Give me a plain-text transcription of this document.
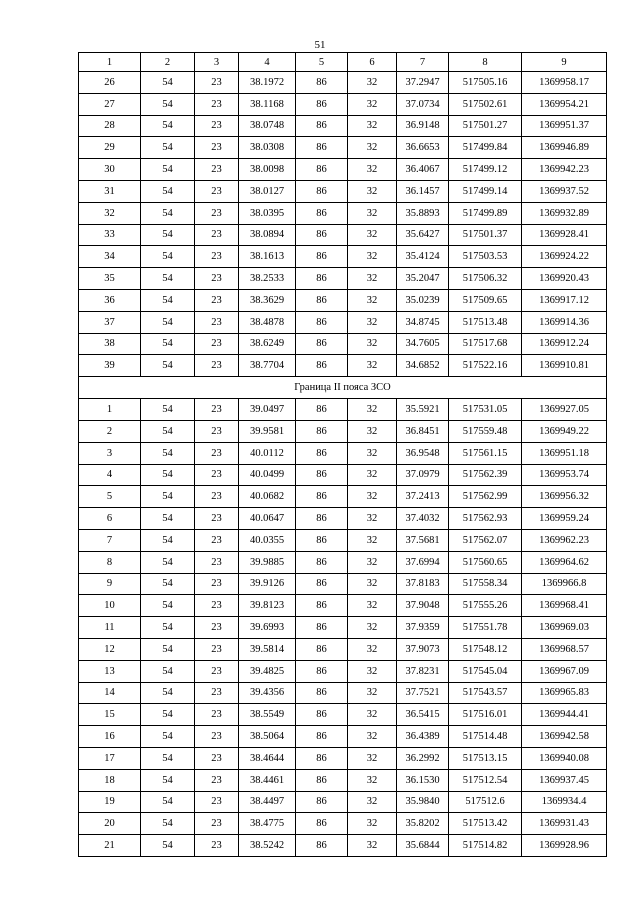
51
1	2	3	4	5	6	7	8	9
26	54	23	38.1972	86	32	37.2947	517505.16	1369958.17
27	54	23	38.1168	86	32	37.0734	517502.61	1369954.21
28	54	23	38.0748	86	32	36.9148	517501.27	1369951.37
29	54	23	38.0308	86	32	36.6653	517499.84	1369946.89
30	54	23	38.0098	86	32	36.4067	517499.12	1369942.23
31	54	23	38.0127	86	32	36.1457	517499.14	1369937.52
32	54	23	38.0395	86	32	35.8893	517499.89	1369932.89
33	54	23	38.0894	86	32	35.6427	517501.37	1369928.41
34	54	23	38.1613	86	32	35.4124	517503.53	1369924.22
35	54	23	38.2533	86	32	35.2047	517506.32	1369920.43
36	54	23	38.3629	86	32	35.0239	517509.65	1369917.12
37	54	23	38.4878	86	32	34.8745	517513.48	1369914.36
38	54	23	38.6249	86	32	34.7605	517517.68	1369912.24
39	54	23	38.7704	86	32	34.6852	517522.16	1369910.81
Граница II пояса ЗСО								
1	54	23	39.0497	86	32	35.5921	517531.05	1369927.05
2	54	23	39.9581	86	32	36.8451	517559.48	1369949.22
3	54	23	40.0112	86	32	36.9548	517561.15	1369951.18
4	54	23	40.0499	86	32	37.0979	517562.39	1369953.74
5	54	23	40.0682	86	32	37.2413	517562.99	1369956.32
6	54	23	40.0647	86	32	37.4032	517562.93	1369959.24
7	54	23	40.0355	86	32	37.5681	517562.07	1369962.23
8	54	23	39.9885	86	32	37.6994	517560.65	1369964.62
9	54	23	39.9126	86	32	37.8183	517558.34	1369966.8
10	54	23	39.8123	86	32	37.9048	517555.26	1369968.41
11	54	23	39.6993	86	32	37.9359	517551.78	1369969.03
12	54	23	39.5814	86	32	37.9073	517548.12	1369968.57
13	54	23	39.4825	86	32	37.8231	517545.04	1369967.09
14	54	23	39.4356	86	32	37.7521	517543.57	1369965.83
15	54	23	38.5549	86	32	36.5415	517516.01	1369944.41
16	54	23	38.5064	86	32	36.4389	517514.48	1369942.58
17	54	23	38.4644	86	32	36.2992	517513.15	1369940.08
18	54	23	38.4461	86	32	36.1530	517512.54	1369937.45
19	54	23	38.4497	86	32	35.9840	517512.6	1369934.4
20	54	23	38.4775	86	32	35.8202	517513.42	1369931.43
21	54	23	38.5242	86	32	35.6844	517514.82	1369928.96
